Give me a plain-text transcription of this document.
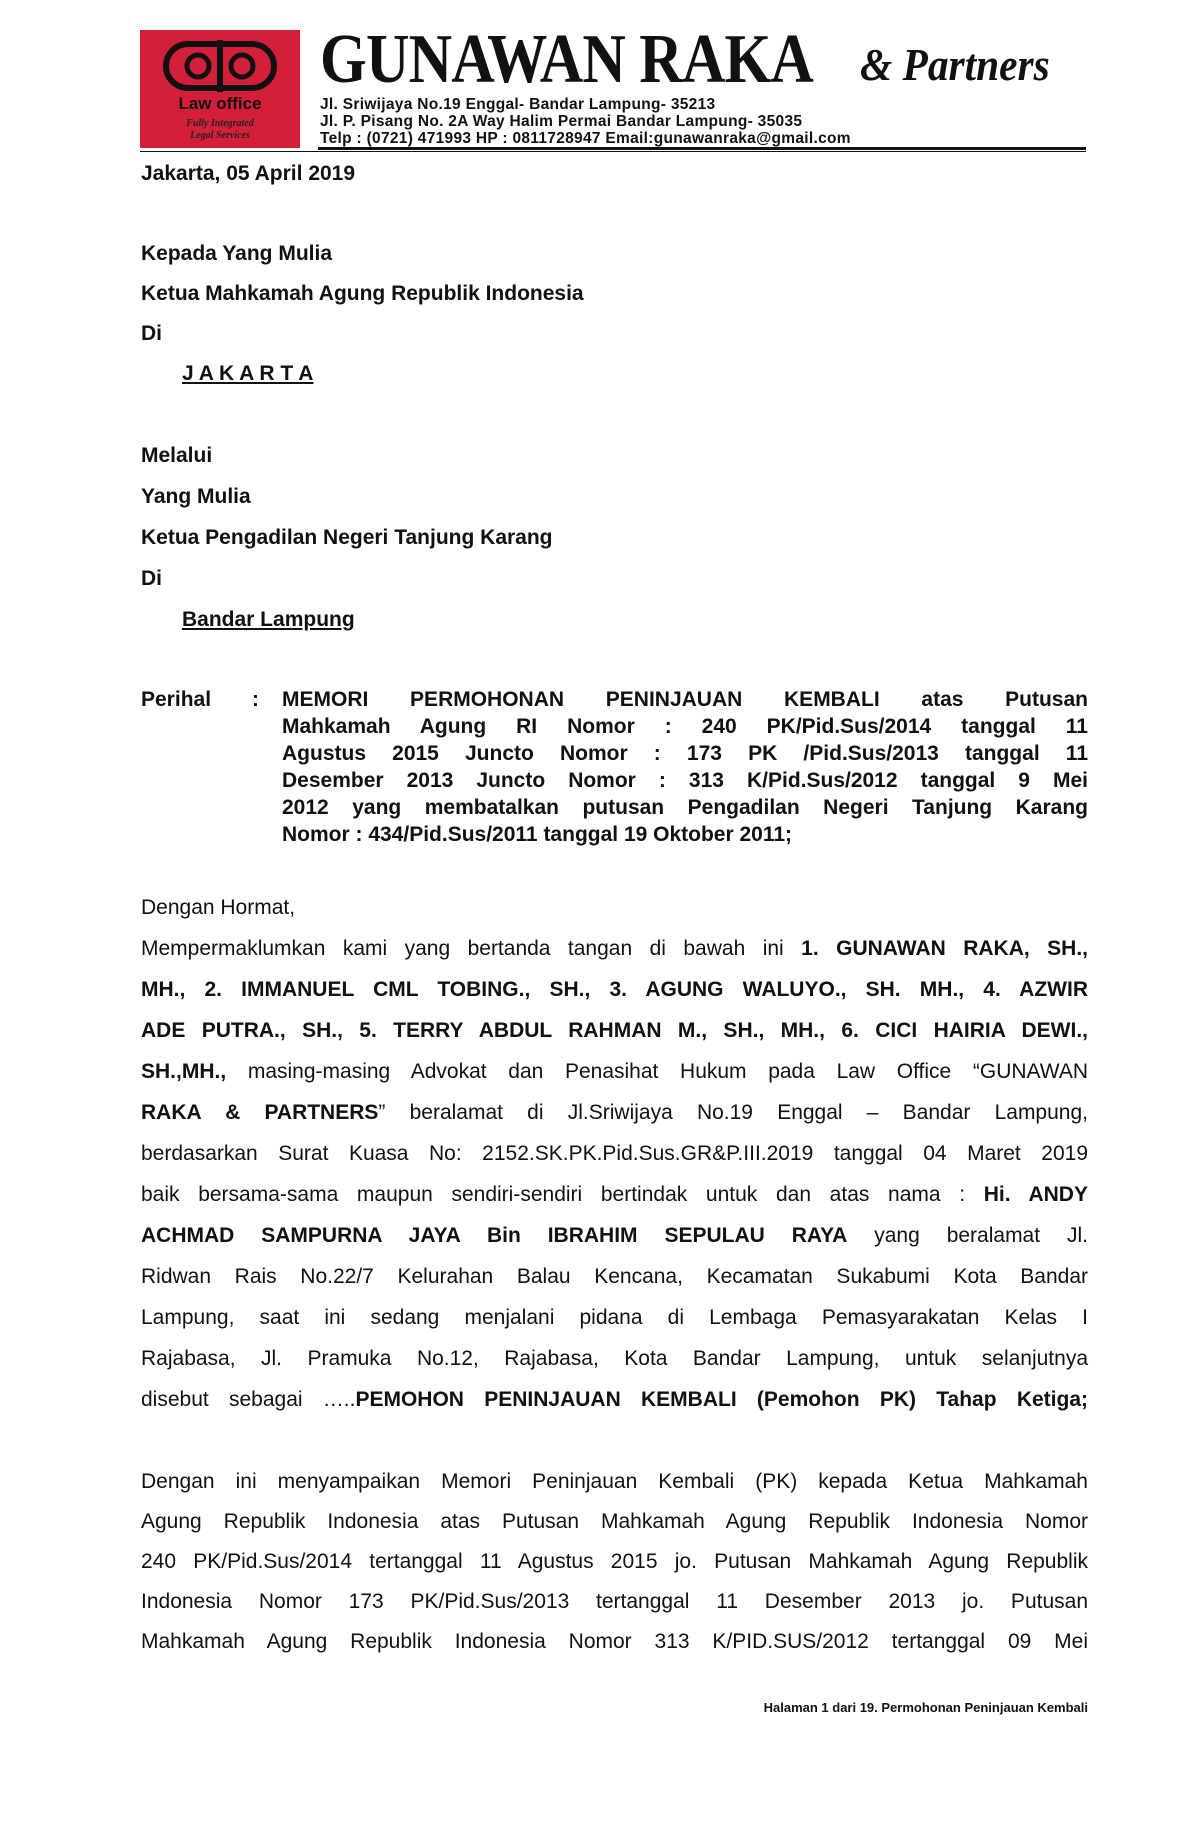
Law office
Fully Integrated
Legal Services
GUNAWAN RAKA & Partners
Jl. Sriwijaya No.19 Enggal- Bandar Lampung- 35213
Jl. P. Pisang No. 2A Way Halim Permai Bandar Lampung- 35035
Telp : (0721) 471993 HP : 0811728947 Email:gunawanraka@gmail.com
Jakarta, 05 April 2019
Kepada Yang Mulia
Ketua Mahkamah Agung Republik Indonesia
Di
J A K A R T A
Melalui
Yang Mulia
Ketua Pengadilan Negeri Tanjung Karang
Di
Bandar Lampung
Perihal : MEMORI PERMOHONAN PENINJAUAN KEMBALI atas Putusan
Mahkamah Agung RI Nomor : 240 PK/Pid.Sus/2014 tanggal 11
Agustus 2015 Juncto Nomor : 173 PK /Pid.Sus/2013 tanggal 11
Desember 2013 Juncto Nomor : 313 K/Pid.Sus/2012 tanggal 9 Mei
2012 yang membatalkan putusan Pengadilan Negeri Tanjung Karang
Nomor : 434/Pid.Sus/2011 tanggal 19 Oktober 2011;
Dengan Hormat,
Mempermaklumkan kami yang bertanda tangan di bawah ini 1. GUNAWAN RAKA, SH.,
MH., 2. IMMANUEL CML TOBING., SH., 3. AGUNG WALUYO., SH. MH., 4. AZWIR
ADE PUTRA., SH., 5. TERRY ABDUL RAHMAN M., SH., MH., 6. CICI HAIRIA DEWI.,
SH.,MH., masing-masing Advokat dan Penasihat Hukum pada Law Office “GUNAWAN
RAKA & PARTNERS” beralamat di Jl.Sriwijaya No.19 Enggal – Bandar Lampung,
berdasarkan Surat Kuasa No: 2152.SK.PK.Pid.Sus.GR&P.III.2019 tanggal 04 Maret 2019
baik bersama-sama maupun sendiri-sendiri bertindak untuk dan atas nama : Hi. ANDY
ACHMAD SAMPURNA JAYA Bin IBRAHIM SEPULAU RAYA yang beralamat Jl.
Ridwan Rais No.22/7 Kelurahan Balau Kencana, Kecamatan Sukabumi Kota Bandar
Lampung, saat ini sedang menjalani pidana di Lembaga Pemasyarakatan Kelas I
Rajabasa, Jl. Pramuka No.12, Rajabasa, Kota Bandar Lampung, untuk selanjutnya
disebut sebagai …..PEMOHON PENINJAUAN KEMBALI (Pemohon PK) Tahap Ketiga;
Dengan ini menyampaikan Memori Peninjauan Kembali (PK) kepada Ketua Mahkamah
Agung Republik Indonesia atas Putusan Mahkamah Agung Republik Indonesia Nomor
240 PK/Pid.Sus/2014 tertanggal 11 Agustus 2015 jo. Putusan Mahkamah Agung Republik
Indonesia Nomor 173 PK/Pid.Sus/2013 tertanggal 11 Desember 2013 jo. Putusan
Mahkamah Agung Republik Indonesia Nomor 313 K/PID.SUS/2012 tertanggal 09 Mei
Halaman 1 dari 19. Permohonan Peninjauan Kembali
